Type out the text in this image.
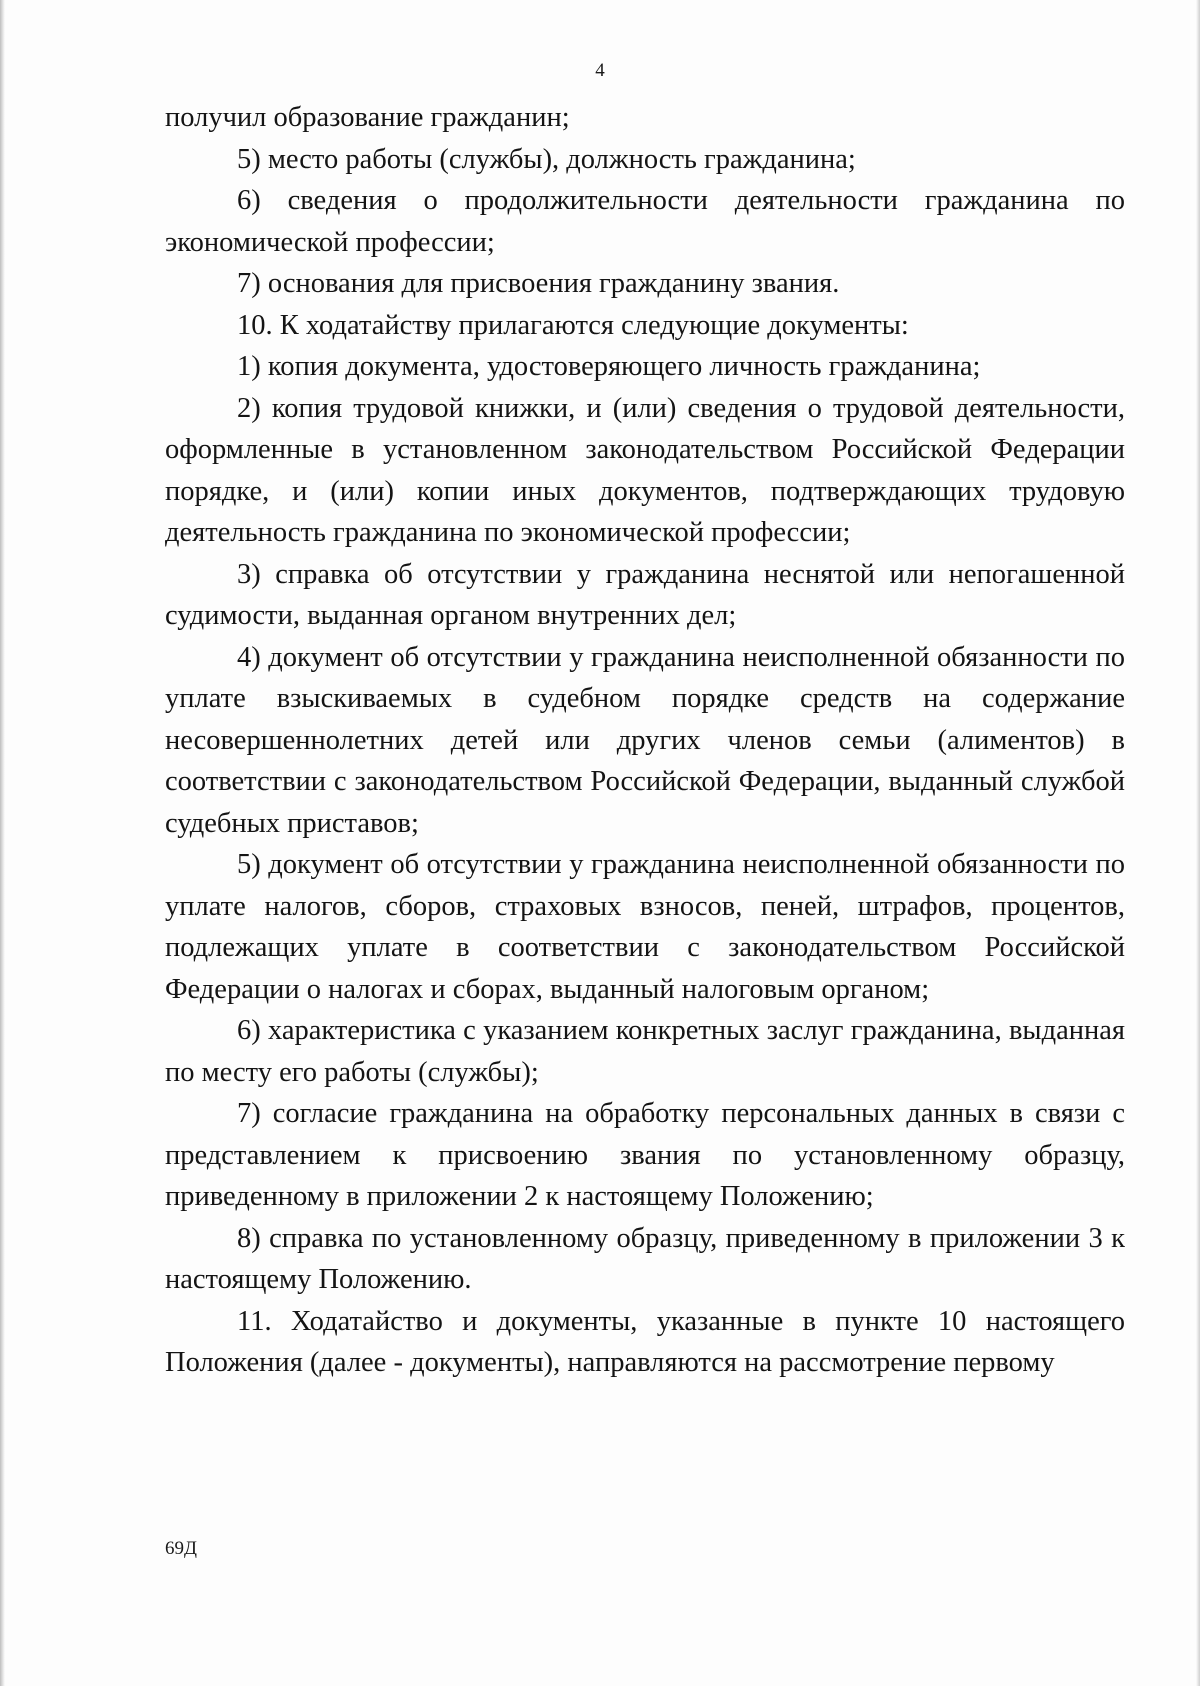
4

получил образование гражданин;

5) место работы (службы), должность гражданина;

6) сведения о продолжительности деятельности гражданина по экономической профессии;

7) основания для присвоения гражданину звания.

10. К ходатайству прилагаются следующие документы:

1) копия документа, удостоверяющего личность гражданина;

2) копия трудовой книжки, и (или) сведения о трудовой деятельности, оформленные в установленном законодательством Российской Федерации порядке, и (или) копии иных документов, подтверждающих трудовую деятельность гражданина по экономической профессии;

3) справка об отсутствии у гражданина неснятой или непогашенной судимости, выданная органом внутренних дел;

4) документ об отсутствии у гражданина неисполненной обязанности по уплате взыскиваемых в судебном порядке средств на содержание несовершеннолетних детей или других членов семьи (алиментов) в соответствии с законодательством Российской Федерации, выданный службой судебных приставов;

5) документ об отсутствии у гражданина неисполненной обязанности по уплате налогов, сборов, страховых взносов, пеней, штрафов, процентов, подлежащих уплате в соответствии с законодательством Российской Федерации о налогах и сборах, выданный налоговым органом;

6) характеристика с указанием конкретных заслуг гражданина, выданная по месту его работы (службы);

7) согласие гражданина на обработку персональных данных в связи с представлением к присвоению звания по установленному образцу, приведенному в приложении 2 к настоящему Положению;

8) справка по установленному образцу, приведенному в приложении 3 к настоящему Положению.

11. Ходатайство и документы, указанные в пункте 10 настоящего Положения (далее - документы), направляются на рассмотрение первому

69Д
